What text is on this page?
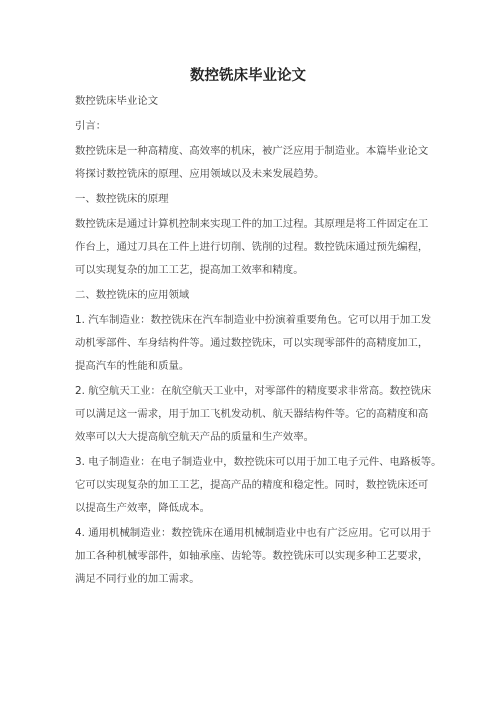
数控铣床毕业论文
数控铣床毕业论文
引言：
数控铣床是一种高精度、高效率的机床，被广泛应用于制造业。本篇毕业论文
将探讨数控铣床的原理、应用领域以及未来发展趋势。
一、数控铣床的原理
数控铣床是通过计算机控制来实现工件的加工过程。其原理是将工件固定在工
作台上，通过刀具在工件上进行切削、铣削的过程。数控铣床通过预先编程，
可以实现复杂的加工工艺，提高加工效率和精度。
二、数控铣床的应用领域
1. 汽车制造业：数控铣床在汽车制造业中扮演着重要角色。它可以用于加工发
动机零部件、车身结构件等。通过数控铣床，可以实现零部件的高精度加工，
提高汽车的性能和质量。
2. 航空航天工业：在航空航天工业中，对零部件的精度要求非常高。数控铣床
可以满足这一需求，用于加工飞机发动机、航天器结构件等。它的高精度和高
效率可以大大提高航空航天产品的质量和生产效率。
3. 电子制造业：在电子制造业中，数控铣床可以用于加工电子元件、电路板等。
它可以实现复杂的加工工艺，提高产品的精度和稳定性。同时，数控铣床还可
以提高生产效率，降低成本。
4. 通用机械制造业：数控铣床在通用机械制造业中也有广泛应用。它可以用于
加工各种机械零部件，如轴承座、齿轮等。数控铣床可以实现多种工艺要求，
满足不同行业的加工需求。
